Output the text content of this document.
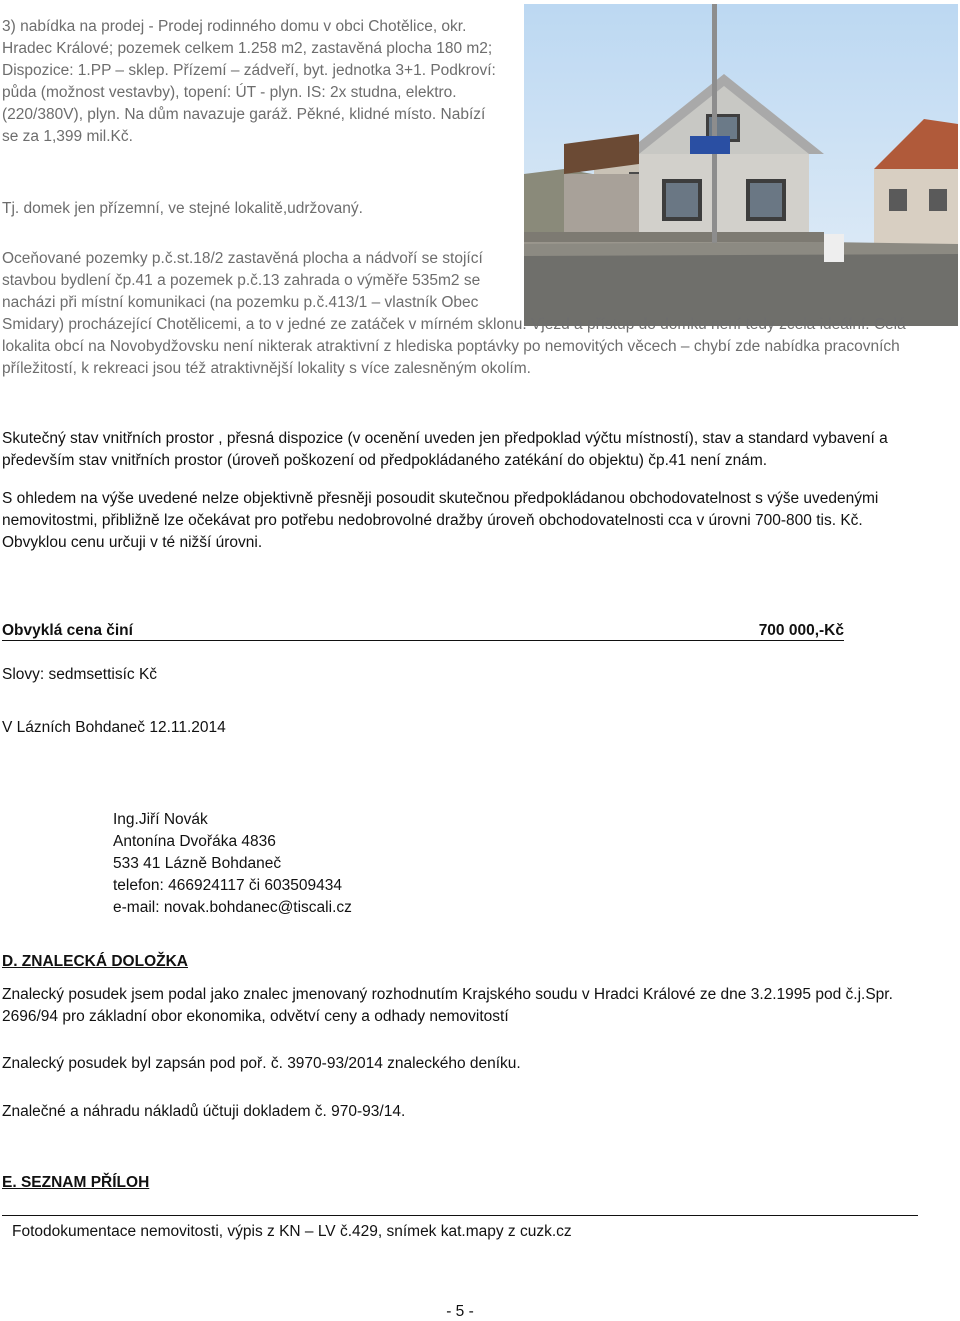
3) nabídka na prodej - Prodej rodinného domu v obci Chotělice, okr.
Hradec Králové; pozemek celkem 1.258 m2, zastavěná plocha 180 m2;
Dispozice: 1.PP – sklep. Přízemí – zádveří, byt. jednotka 3+1. Podkroví:
půda (možnost vestavby), topení: ÚT - plyn. IS: 2x studna, elektro.
(220/380V), plyn. Na dům navazuje garáž. Pěkné, klidné místo. Nabízí
se za 1,399 mil.Kč.
Tj. domek jen přízemní, ve stejné lokalitě,udržovaný.
Oceňované pozemky p.č.st.18/2 zastavěná plocha a nádvoří se stojící
stavbou bydlení čp.41 a pozemek p.č.13 zahrada o výměře 535m2 se
nacházi při místní komunikaci (na pozemku p.č.413/1 – vlastník Obec
Smidary) procházející Chotělicemi, a to v jedné ze zatáček v mírném sklonu. Vjezd a přístup do domku není tedy zcela ideální. Celá
lokalita obcí na Novobydžovsku není nikterak atraktivní z hlediska poptávky po nemovitých věcech – chybí zde nabídka pracovních
příležitostí, k rekreaci jsou též atraktivnější lokality s více zalesněným okolím.
Skutečný stav vnitřních prostor , přesná dispozice (v ocenění uveden jen předpoklad výčtu místností), stav a standard vybavení a
především stav vnitřních prostor (úroveň poškození od předpokládaného zatékání do objektu) čp.41 není znám.
S ohledem na výše uvedené nelze objektivně přesněji posoudit skutečnou předpokládanou obchodovatelnost s výše uvedenými
nemovitostmi, přibližně lze očekávat pro potřebu nedobrovolné dražby úroveň obchodovatelnosti cca v úrovni 700-800 tis. Kč.
Obvyklou cenu určuji v té nižší úrovni.
Obvyklá cena činí	700 000,-Kč
Slovy: sedmsettisíc Kč
V Lázních Bohdaneč 12.11.2014
Ing.Jiří Novák
Antonína Dvořáka 4836
533 41 Lázně Bohdaneč
telefon: 466924117 či 603509434
e-mail: novak.bohdanec@tiscali.cz
D. ZNALECKÁ DOLOŽKA
Znalecký posudek jsem podal jako znalec jmenovaný rozhodnutím Krajského soudu v Hradci Králové ze dne 3.2.1995 pod č.j.Spr.
2696/94 pro základní obor ekonomika, odvětví ceny a odhady nemovitostí
Znalecký posudek byl zapsán pod poř. č. 3970-93/2014 znaleckého deníku.
Znalečné a náhradu nákladů účtuji dokladem č. 970-93/14.
E. SEZNAM PŘÍLOH
Fotodokumentace nemovitosti, výpis z KN – LV č.429, snímek kat.mapy z cuzk.cz
- 5 -
